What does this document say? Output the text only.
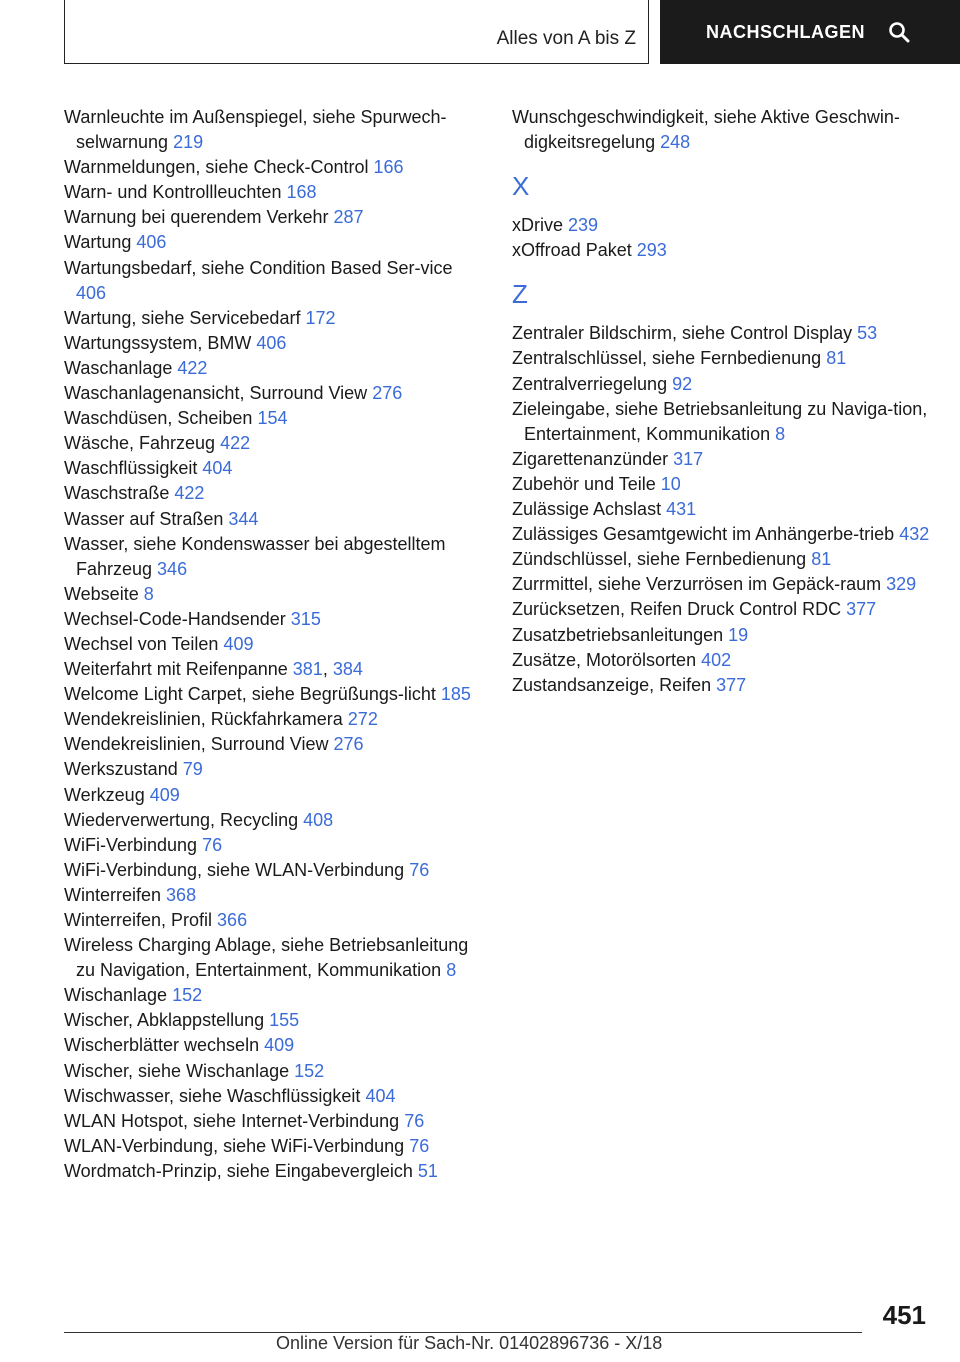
Alles von A bis Z	NACHSCHLAGEN
Warnleuchte im Außenspiegel, siehe Spurwech-selwarnung 219
Warnmeldungen, siehe Check-Control 166
Warn- und Kontrollleuchten 168
Warnung bei querendem Verkehr 287
Wartung 406
Wartungsbedarf, siehe Condition Based Ser-vice 406
Wartung, siehe Servicebedarf 172
Wartungssystem, BMW 406
Waschanlage 422
Waschanlagenansicht, Surround View 276
Waschdüsen, Scheiben 154
Wäsche, Fahrzeug 422
Waschflüssigkeit 404
Waschstraße 422
Wasser auf Straßen 344
Wasser, siehe Kondenswasser bei abgestelltem Fahrzeug 346
Webseite 8
Wechsel-Code-Handsender 315
Wechsel von Teilen 409
Weiterfahrt mit Reifenpanne 381, 384
Welcome Light Carpet, siehe Begrüßungs-licht 185
Wendekreislinien, Rückfahrkamera 272
Wendekreislinien, Surround View 276
Werkszustand 79
Werkzeug 409
Wiederverwertung, Recycling 408
WiFi-Verbindung 76
WiFi-Verbindung, siehe WLAN-Verbindung 76
Winterreifen 368
Winterreifen, Profil 366
Wireless Charging Ablage, siehe Betriebsanleitung zu Navigation, Entertainment, Kommunikation 8
Wischanlage 152
Wischer, Abklappstellung 155
Wischerblätter wechseln 409
Wischer, siehe Wischanlage 152
Wischwasser, siehe Waschflüssigkeit 404
WLAN Hotspot, siehe Internet-Verbindung 76
WLAN-Verbindung, siehe WiFi-Verbindung 76
Wordmatch-Prinzip, siehe Eingabevergleich 51
Wunschgeschwindigkeit, siehe Aktive Geschwin-digkeitsregelung 248
X
xDrive 239
xOffroad Paket 293
Z
Zentraler Bildschirm, siehe Control Display 53
Zentralschlüssel, siehe Fernbedienung 81
Zentralverriegelung 92
Zieleingabe, siehe Betriebsanleitung zu Naviga-tion, Entertainment, Kommunikation 8
Zigarettenanzünder 317
Zubehör und Teile 10
Zulässige Achslast 431
Zulässiges Gesamtgewicht im Anhängerbe-trieb 432
Zündschlüssel, siehe Fernbedienung 81
Zurrmittel, siehe Verzurrösen im Gepäck-raum 329
Zurücksetzen, Reifen Druck Control RDC 377
Zusatzbetriebsanleitungen 19
Zusätze, Motorölsorten 402
Zustandsanzeige, Reifen 377
451
Online Version für Sach-Nr. 01402896736 - X/18
